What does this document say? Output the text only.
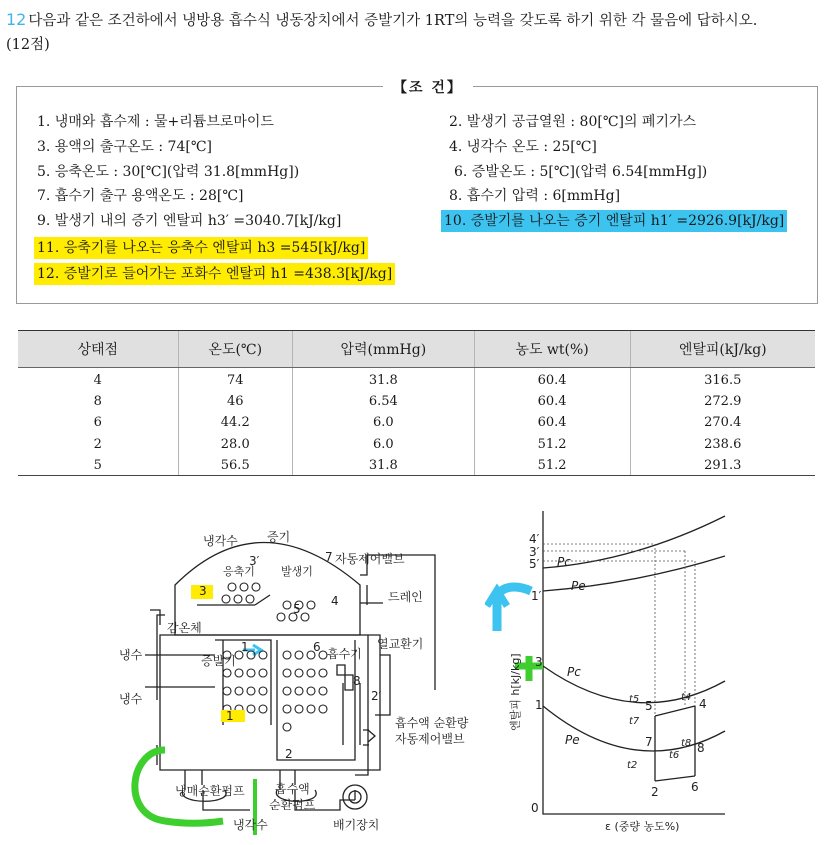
12 다음과 같은 조건하에서 냉방용 흡수식 냉동장치에서 증발기가 1RT의 능력을 갖도록 하기 위한 각 물음에 답하시오.
(12점)
【조 건】
1. 냉매와 흡수제 : 물+리튬브로마이드	2. 발생기 공급열원 : 80[℃]의 폐기가스
3. 용액의 출구온도 : 74[℃]	4. 냉각수 온도 : 25[℃]
5. 응축온도 : 30[℃](압력 31.8[mmHg])	6. 증발온도 : 5[℃](압력 6.54[mmHg])
7. 흡수기 출구 용액온도 : 28[℃]	8. 흡수기 압력 : 6[mmHg]
9. 발생기 내의 증기 엔탈피 h3′ =3040.7[kJ/kg]	10. 증발기를 나오는 증기 엔탈피 h1′ =2926.9[kJ/kg]
11. 응축기를 나오는 응축수 엔탈피 h3 =545[kJ/kg]
12. 증발기로 들어가는 포화수 엔탈피 h1 =438.3[kJ/kg]
상태점	온도(℃)	압력(mmHg)	농도 wt(%)	엔탈피(kJ/kg)
4	74	31.8	60.4	316.5
8	46	6.54	60.4	272.9
6	44.2	6.0	60.4	270.4
2	28.0	6.0	51.2	238.6
5	56.5	31.8	51.2	291.3
냉각수 증기
응축기 발생기
자동제어밸브
드레인
감온체
냉수
냉수
증발기	흡수기
열교환기
흡수액 순환량
자동제어밸브
냉매순환펌프	흡수액
순환펌프
냉각수	배기장치
3′
3
7
4
5
1	6
8
2′
1
2
엔탈피 h[kJ/kg]
ε (중량 농도%)
0
4′
3′
5′
1′
3
1
Pc
Pe
Pc
Pe
5	4
7	8
2	6
t5	t4
t7
t8
t6
t2
